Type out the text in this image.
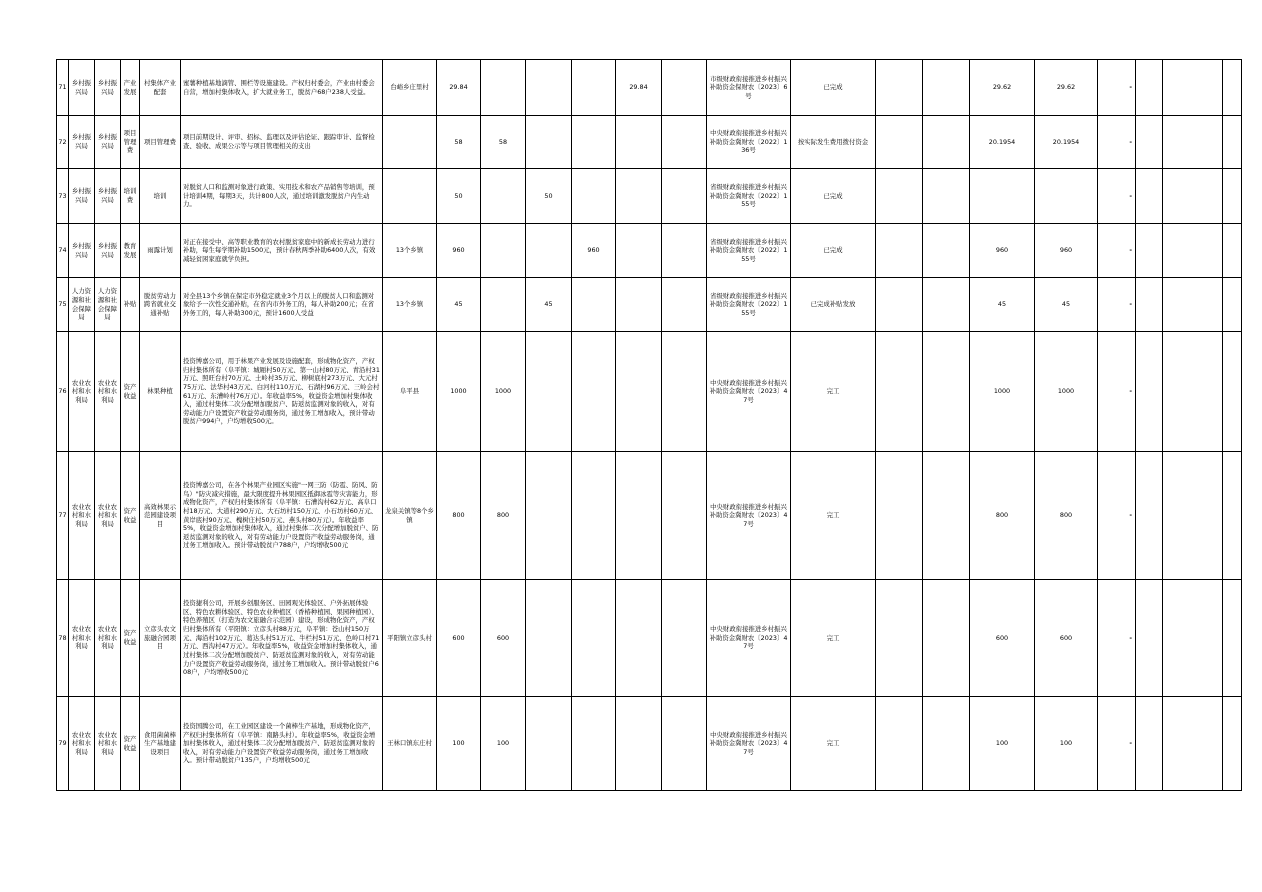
71	乡村振兴局	乡村振兴局	产业发展	村集体产业配套	蜜薯种植基地滴管、围栏等设施建设。产权归村委会，产业由村委会自营，增加村集体收入，扩大就业务工，脱贫户68户238人受益。	台峪乡庄里村	29.84				29.84		市级财政衔接推进乡村振兴补助资金保财农〔2023〕6号	已完成			29.62	29.62	-			
72	乡村振兴局	乡村振兴局	项目管理费	项目管理费	项目前期设计、评审、招标、监理以及评估论证、跟踪审计、监督检查、验收、成果公示等与项目管理相关的支出		58	58					中央财政衔接推进乡村振兴补助资金冀财农〔2022〕136号	按实际发生费用拨付资金			20.1954	20.1954	-			
73	乡村振兴局	乡村振兴局	培训费	培训	对脱贫人口和监测对象进行政策、实用技术和农产品销售等培训，预计培训4期，每期3天，共计800人次，通过培训激发脱贫户内生动力。		50		50				省级财政衔接推进乡村振兴补助资金冀财农〔2022〕155号	已完成					-			
74	乡村振兴局	乡村振兴局	教育发展	雨露计划	对正在接受中、高等职业教育的农村脱贫家庭中的新成长劳动力进行补助，每生每学期补助1500元，预计春秋两季补助6400人次，有效减轻贫困家庭就学负担。	13个乡镇	960			960			省级财政衔接推进乡村振兴补助资金冀财农〔2022〕155号	已完成			960	960	-			
75	人力资源和社会保障局	人力资源和社会保障局	补贴	脱贫劳动力跨省就业交通补贴	对全县13个乡镇在保定市外稳定就业3个月以上的脱贫人口和监测对象给予一次性交通补贴，在省内市外务工的，每人补助200元；在省外务工的，每人补助300元，预计1600人受益	13个乡镇	45		45				省级财政衔接推进乡村振兴补助资金冀财农〔2022〕155号	已完成补贴发放			45	45	-			
76	农业农村和水利局	农业农村和水利局	资产收益	林果种植	投资博嘉公司，用于林果产业发展及设施配套，形成物化资产，产权归村集体所有（阜平镇：城厢村50万元、第一山村80万元、青沿村31万元、照旺台村70万元、土岭村35万元、柳树底村273万元、大元村75万元、法华村43万元、白河村110万元、石湖村96万元、三岭会村61万元、东漕岭村76万元）。年收益率5%，收益资金增加村集体收入，通过村集体二次分配增加脱贫户、防返贫监测对象的收入，对有劳动能力户设置资产收益劳动服务岗，通过务工增加收入，预计带动脱贫户994户，户均增收500元。	阜平县	1000	1000					中央财政衔接推进乡村振兴补助资金冀财农〔2023〕47号	完工			1000	1000	-			
77	农业农村和水利局	农业农村和水利局	资产收益	高效林果示范园建设项目	投资博嘉公司，在各个林果产业园区实施"一网三防（防雹、防风、防鸟）"防灾减灾措施，最大限度提升林果园区抵御冰雹等灾害能力，形成物化资产，产权归村集体所有（阜平镇：石漕沟村62万元、高阜口村18万元、大道村290万元、大石坊村150万元、小石坊村60万元、黄岸底村90万元、槐树庄村50万元、燕头村80万元）。年收益率5%，收益资金增加村集体收入，通过村集体二次分配增加脱贫户、防返贫监测对象的收入，对有劳动能力户设置资产收益劳动服务岗，通过务工增加收入。预计带动脱贫户788户，户均增收500元	龙泉关镇等8个乡镇	800	800					中央财政衔接推进乡村振兴补助资金冀财农〔2023〕47号	完工			800	800	-			
78	农业农村和水利局	农业农村和水利局	资产收益	立彦头农文旅融合园项目	投资捷利公司，开展乡创服务区、田园观光体验区、户外拓展体验区、特色农耕体验区、特色农业种植区（香椿种植园、果园种植园）、特色养殖区（打造为农文旅融合示范园）建设，形成物化资产，产权归村集体所有（平阳镇：立彦头村88万元，阜平镇：苍山村150万元、海沿村102万元、葛达头村51万元、牛栏村51万元、色岭口村71万元、西沟村47万元）。年收益率5%，收益资金增加村集体收入，通过村集体二次分配增加脱贫户、防返贫监测对象的收入，对有劳动能力户设置资产收益劳动服务岗，通过务工增加收入。预计带动脱贫户608户，户均增收500元	平阳镇立彦头村	600	600					中央财政衔接推进乡村振兴补助资金冀财农〔2023〕47号	完工			600	600	-			
79	农业农村和水利局	农业农村和水利局	资产收益	食用菌菌棒生产基地建设项目	投资国腾公司，在工业园区建设一个菌棒生产基地，形成物化资产，产权归村集体所有（阜平镇：南路头村）。年收益率5%，收益资金增加村集体收入，通过村集体二次分配增加脱贫户、防返贫监测对象的收入，对有劳动能力户设置资产收益劳动服务岗，通过务工增加收入。预计带动脱贫户135户，户均增收500元	王林口镇东庄村	100	100					中央财政衔接推进乡村振兴补助资金冀财农〔2023〕47号	完工			100	100	-			
